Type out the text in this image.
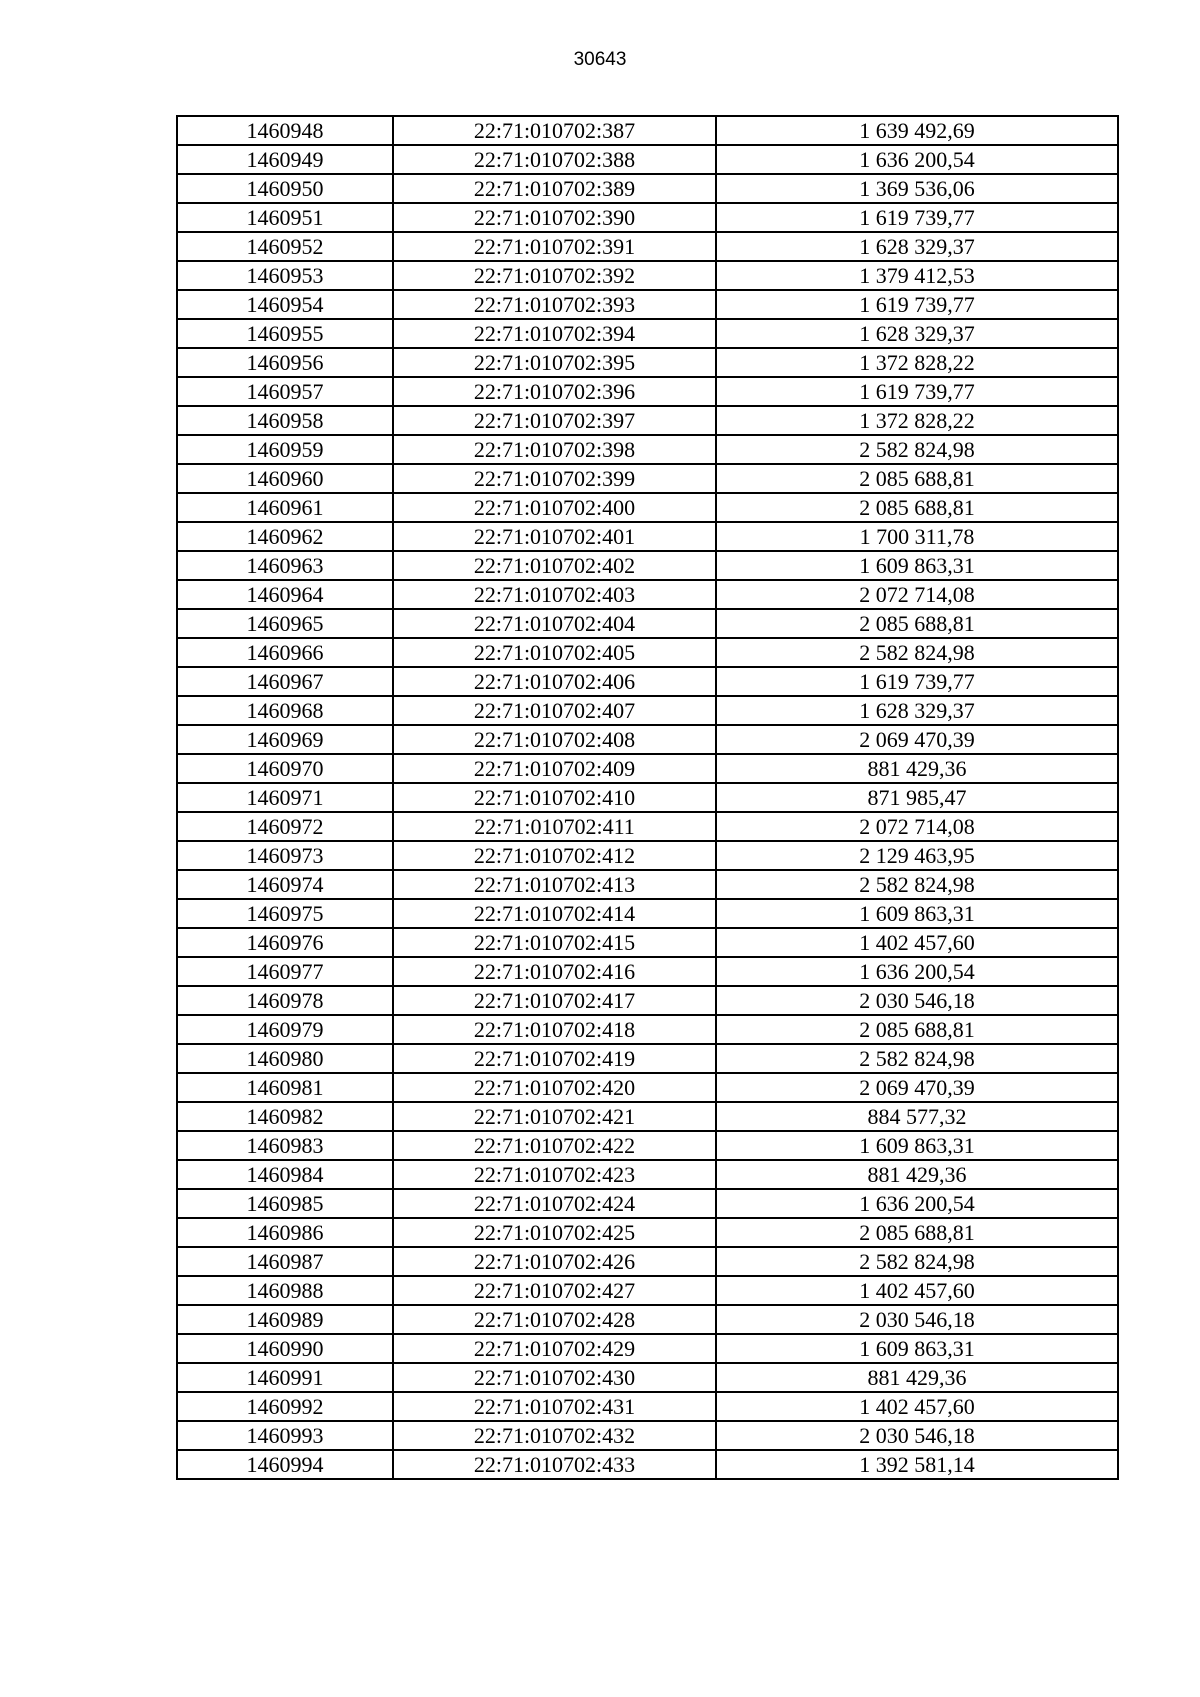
30643
1460948	22:71:010702:387	1 639 492,69
1460949	22:71:010702:388	1 636 200,54
1460950	22:71:010702:389	1 369 536,06
1460951	22:71:010702:390	1 619 739,77
1460952	22:71:010702:391	1 628 329,37
1460953	22:71:010702:392	1 379 412,53
1460954	22:71:010702:393	1 619 739,77
1460955	22:71:010702:394	1 628 329,37
1460956	22:71:010702:395	1 372 828,22
1460957	22:71:010702:396	1 619 739,77
1460958	22:71:010702:397	1 372 828,22
1460959	22:71:010702:398	2 582 824,98
1460960	22:71:010702:399	2 085 688,81
1460961	22:71:010702:400	2 085 688,81
1460962	22:71:010702:401	1 700 311,78
1460963	22:71:010702:402	1 609 863,31
1460964	22:71:010702:403	2 072 714,08
1460965	22:71:010702:404	2 085 688,81
1460966	22:71:010702:405	2 582 824,98
1460967	22:71:010702:406	1 619 739,77
1460968	22:71:010702:407	1 628 329,37
1460969	22:71:010702:408	2 069 470,39
1460970	22:71:010702:409	881 429,36
1460971	22:71:010702:410	871 985,47
1460972	22:71:010702:411	2 072 714,08
1460973	22:71:010702:412	2 129 463,95
1460974	22:71:010702:413	2 582 824,98
1460975	22:71:010702:414	1 609 863,31
1460976	22:71:010702:415	1 402 457,60
1460977	22:71:010702:416	1 636 200,54
1460978	22:71:010702:417	2 030 546,18
1460979	22:71:010702:418	2 085 688,81
1460980	22:71:010702:419	2 582 824,98
1460981	22:71:010702:420	2 069 470,39
1460982	22:71:010702:421	884 577,32
1460983	22:71:010702:422	1 609 863,31
1460984	22:71:010702:423	881 429,36
1460985	22:71:010702:424	1 636 200,54
1460986	22:71:010702:425	2 085 688,81
1460987	22:71:010702:426	2 582 824,98
1460988	22:71:010702:427	1 402 457,60
1460989	22:71:010702:428	2 030 546,18
1460990	22:71:010702:429	1 609 863,31
1460991	22:71:010702:430	881 429,36
1460992	22:71:010702:431	1 402 457,60
1460993	22:71:010702:432	2 030 546,18
1460994	22:71:010702:433	1 392 581,14
